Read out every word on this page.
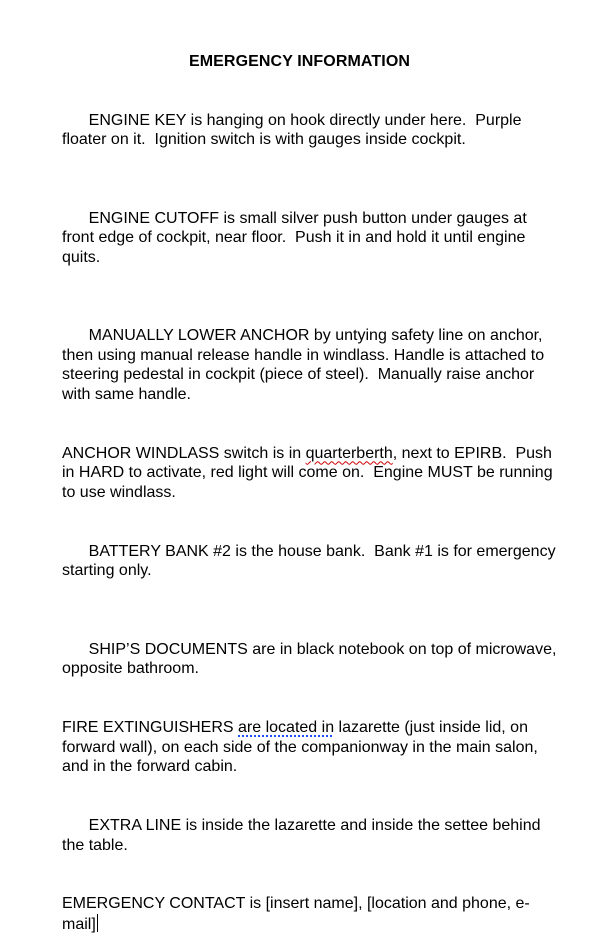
EMERGENCY INFORMATION

ENGINE KEY is hanging on hook directly under here.  Purple floater on it.  Ignition switch is with gauges inside cockpit.

ENGINE CUTOFF is small silver push button under gauges at front edge of cockpit, near floor.  Push it in and hold it until engine quits.

MANUALLY LOWER ANCHOR by untying safety line on anchor, then using manual release handle in windlass. Handle is attached to steering pedestal in cockpit (piece of steel).  Manually raise anchor with same handle.

ANCHOR WINDLASS switch is in quarterberth, next to EPIRB.  Push in HARD to activate, red light will come on.  Engine MUST be running to use windlass.

BATTERY BANK #2 is the house bank.  Bank #1 is for emergency starting only.

SHIP’S DOCUMENTS are in black notebook on top of microwave, opposite bathroom.

FIRE EXTINGUISHERS are located in lazarette (just inside lid, on forward wall), on each side of the companionway in the main salon, and in the forward cabin.

EXTRA LINE is inside the lazarette and inside the settee behind the table.

EMERGENCY CONTACT is [insert name], [location and phone, e-mail]
